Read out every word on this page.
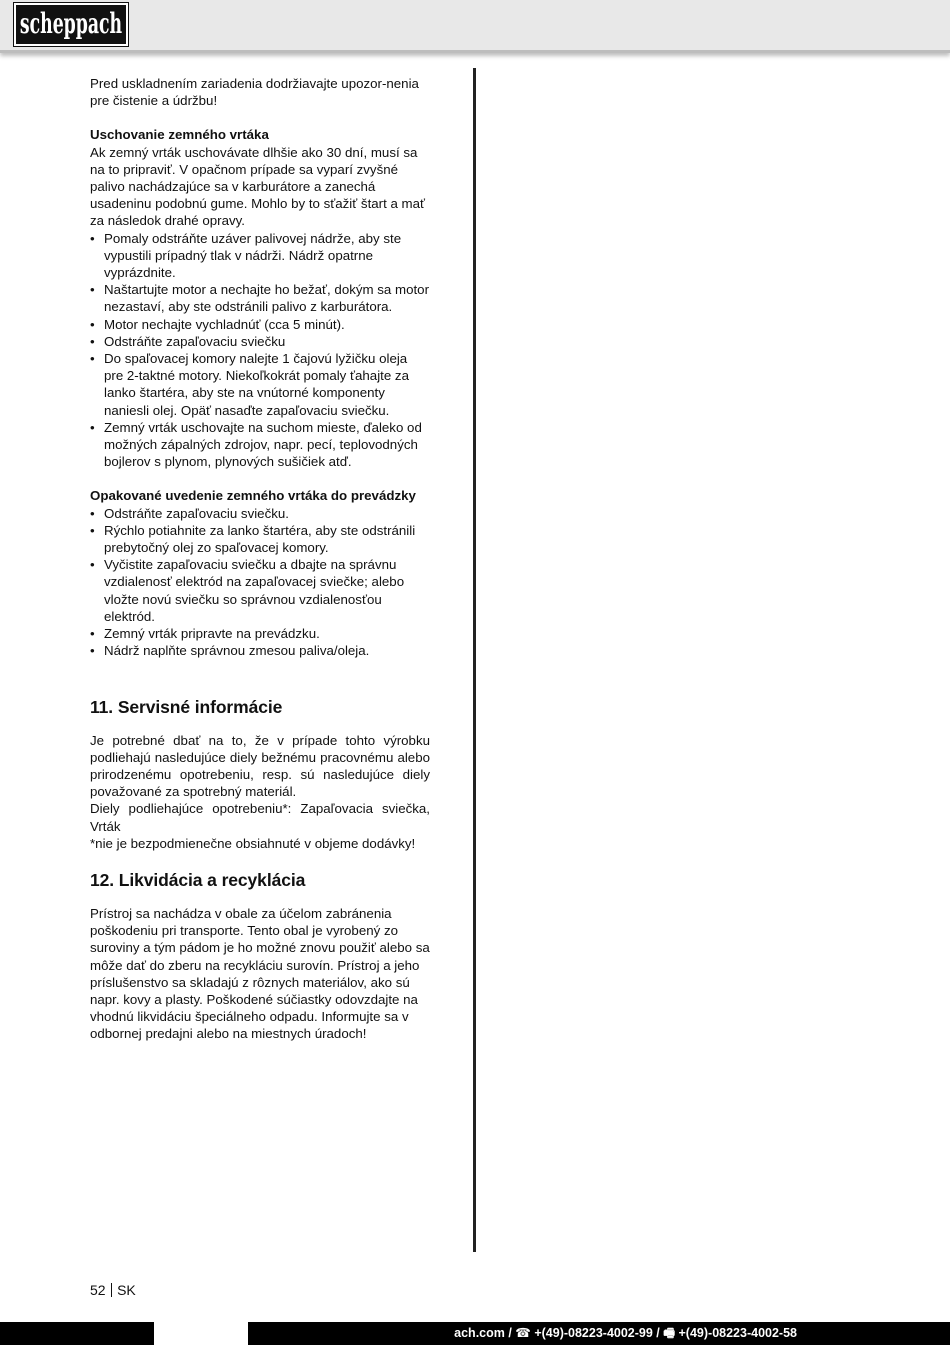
scheppach

Pred uskladnením zariadenia dodržiavajte upozor-nenia pre čistenie a údržbu!

Uschovanie zemného vrtáka

Ak zemný vrták uschovávate dlhšie ako 30 dní, musí sa na to pripraviť. V opačnom prípade sa vyparí zvyšné palivo nachádzajúce sa v karburátore a zanechá usadeninu podobnú gume. Mohlo by to sťažiť štart a mať za následok drahé opravy.

• Pomaly odstráňte uzáver palivovej nádrže, aby ste vypustili prípadný tlak v nádrži. Nádrž opatrne vyprázdnite.
• Naštartujte motor a nechajte ho bežať, dokým sa motor nezastaví, aby ste odstránili palivo z karburátora.
• Motor nechajte vychladnúť (cca 5 minút).
• Odstráňte zapaľovaciu sviečku
• Do spaľovacej komory nalejte 1 čajovú lyžičku oleja pre 2-taktné motory. Niekoľkokrát pomaly ťahajte za lanko štartéra, aby ste na vnútorné komponenty naniesli olej. Opäť nasaďte zapaľovaciu sviečku.
• Zemný vrták uschovajte na suchom mieste, ďaleko od možných zápalných zdrojov, napr. pecí, teplovodných bojlerov s plynom, plynových sušičiek atď.

Opakované uvedenie zemného vrtáka do prevádzky

• Odstráňte zapaľovaciu sviečku.
• Rýchlo potiahnite za lanko štartéra, aby ste odstránili prebytočný olej zo spaľovacej komory.
• Vyčistite zapaľovaciu sviečku a dbajte na správnu vzdialenosť elektród na zapaľovacej sviečke; alebo vložte novú sviečku so správnou vzdialenosťou elektród.
• Zemný vrták pripravte na prevádzku.
• Nádrž naplňte správnou zmesou paliva/oleja.
11. Servisné informácie

Je potrebné dbať na to, že v prípade tohto výrobku podliehajú nasledujúce diely bežnému pracovnému alebo prirodzenému opotrebeniu, resp. sú nasledujúce diely považované za spotrebný materiál.

Diely podliehajúce opotrebeniu*: Zapaľovacia sviečka, Vrták

*nie je bezpodmienečne obsiahnuté v objeme dodávky!

12. Likvidácia a recyklácia

Prístroj sa nachádza v obale za účelom zabránenia poškodeniu pri transporte. Tento obal je vyrobený zo suroviny a tým pádom je ho možné znovu použiť alebo sa môže dať do zberu na recykláciu surovín. Prístroj a jeho príslušenstvo sa skladajú z rôznych materiálov, ako sú napr. kovy a plasty. Poškodené súčiastky odovzdajte na vhodnú likvidáciu špeciálneho odpadu. Informujte sa v odbornej predajni alebo na miestnych úradoch!

52 SK
ach.com / ☎ +(49)-08223-4002-99 / 🖷 +(49)-08223-4002-58
